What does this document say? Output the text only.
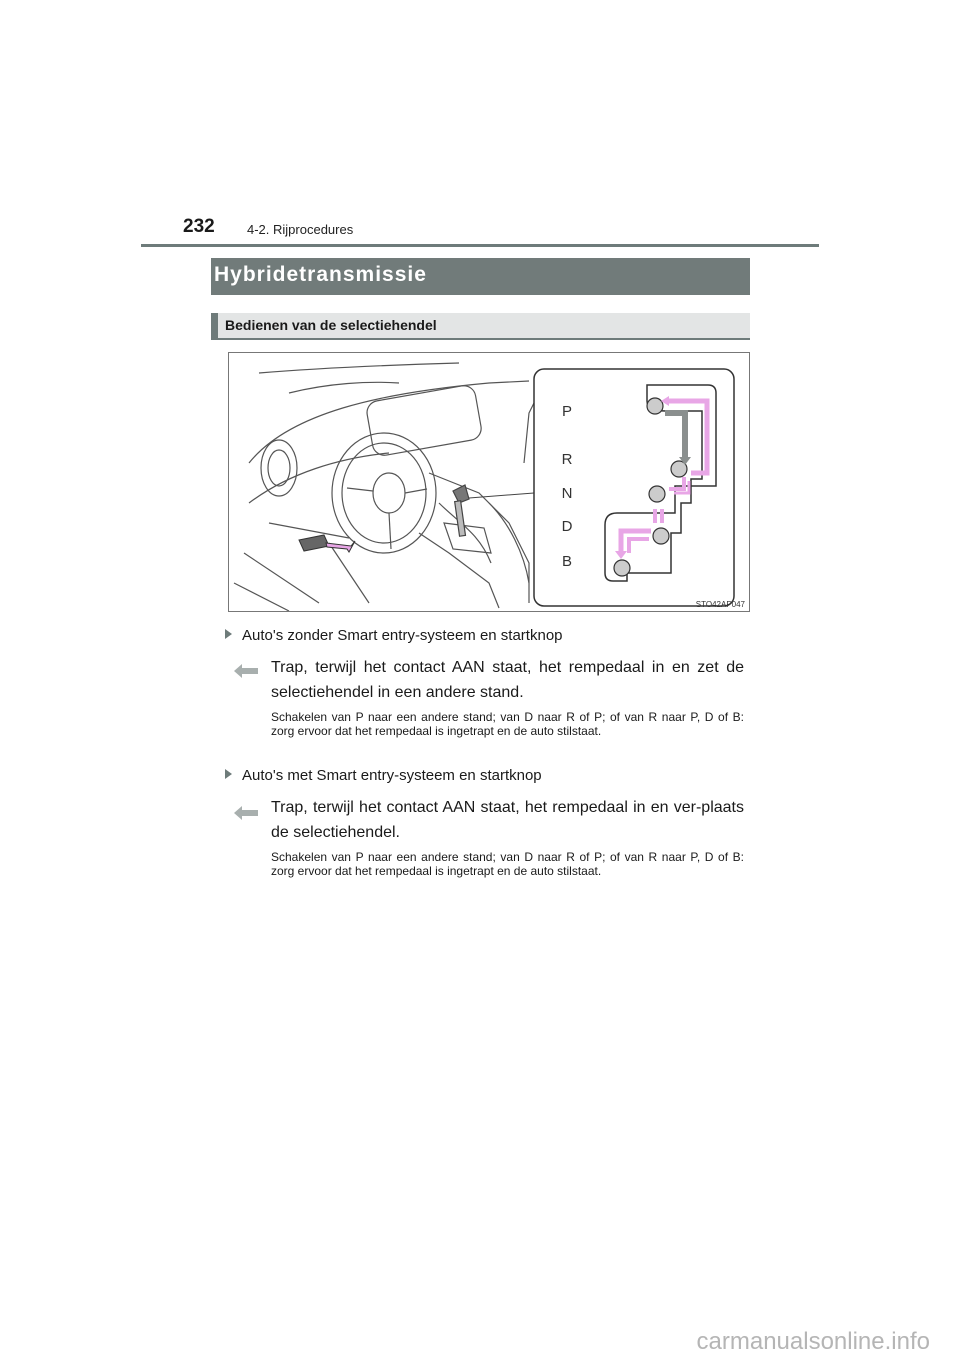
232 4-2. Rijprocedures
Hybridetransmissie
Bedienen van de selectiehendel
P
R
N
D
B
STO42AP047
Auto's zonder Smart entry-systeem en startknop
Trap, terwijl het contact AAN staat, het rempedaal in en zet de selectiehendel in een andere stand.
Schakelen van P naar een andere stand; van D naar R of P; of van R naar P, D of B: zorg ervoor dat het rempedaal is ingetrapt en de auto stilstaat.
Auto's met Smart entry-systeem en startknop
Trap, terwijl het contact AAN staat, het rempedaal in en ver-plaats de selectiehendel.
Schakelen van P naar een andere stand; van D naar R of P; of van R naar P, D of B: zorg ervoor dat het rempedaal is ingetrapt en de auto stilstaat.
carmanualsonline.info
